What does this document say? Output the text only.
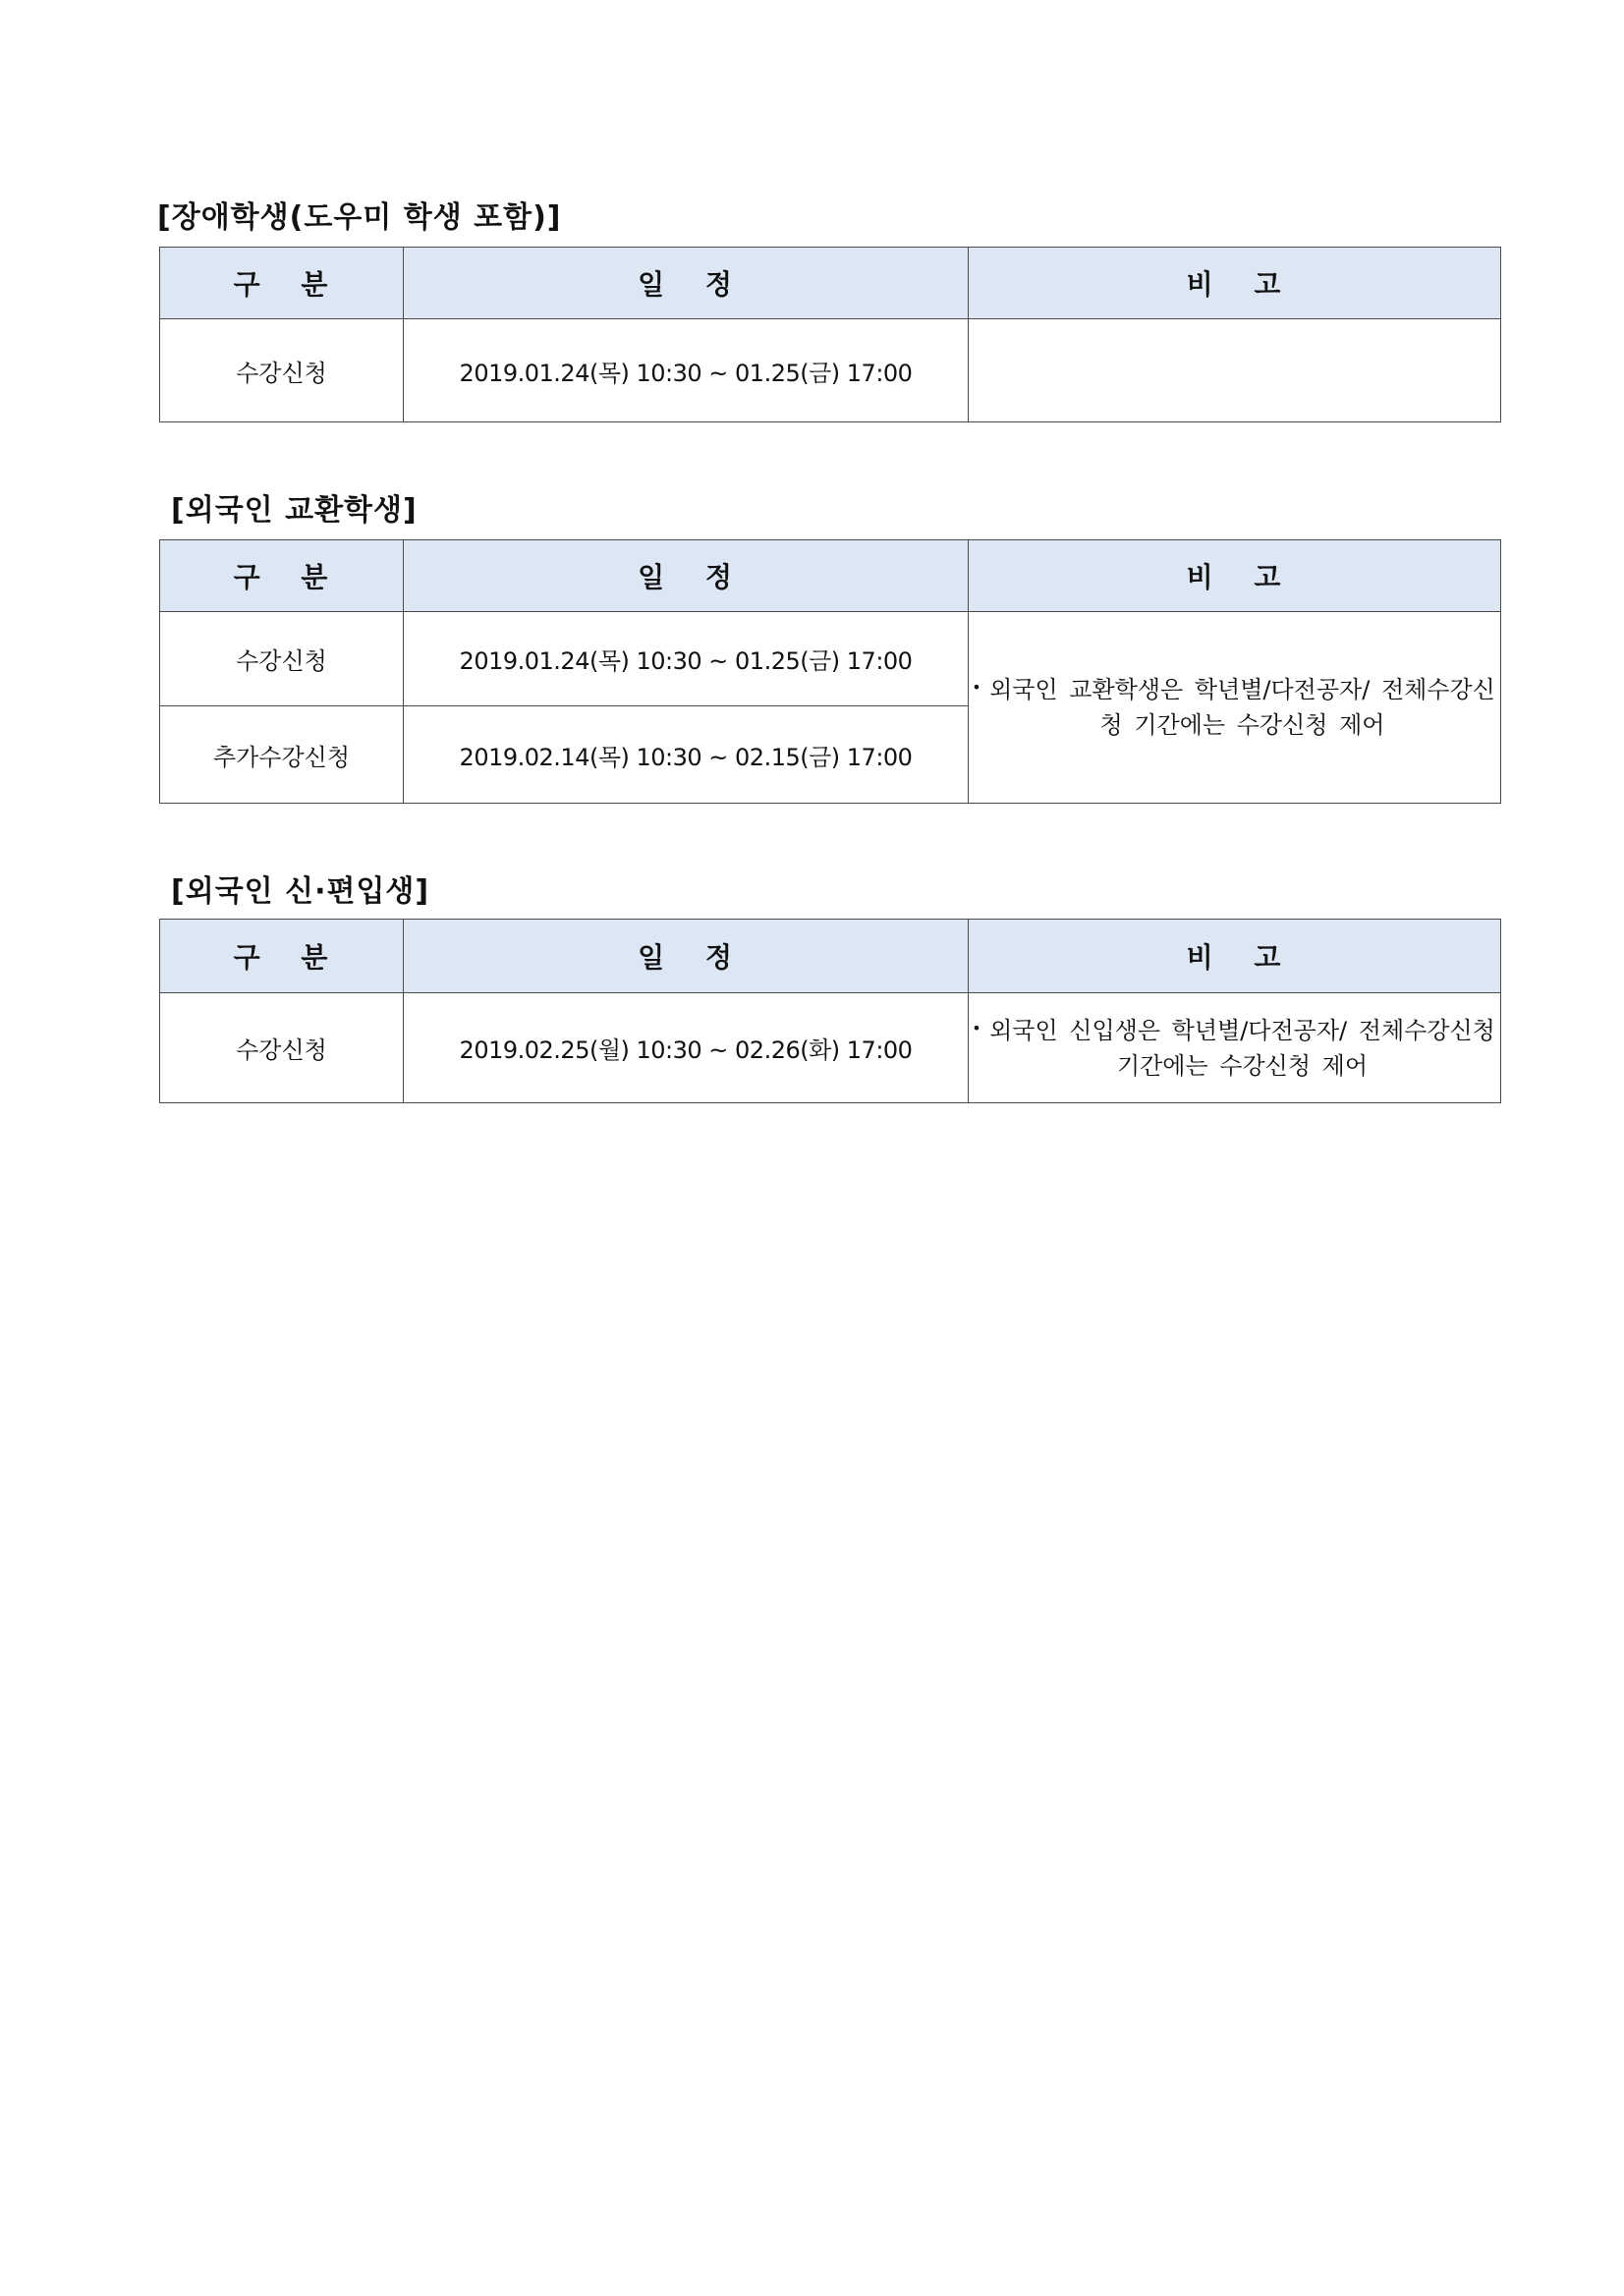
[장애학생(도우미 학생 포함)]
구 분	일 정	비 고
수강신청	2019.01.24(목) 10:30 ~ 01.25(금) 17:00	
[외국인 교환학생]
구 분	일 정	비 고
수강신청	2019.01.24(목) 10:30 ~ 01.25(금) 17:00	• 외국인 교환학생은 학년별/다전공자/ 전체수강신청 기간에는 수강신청 제어

추가수강신청	2019.02.14(목) 10:30 ~ 02.15(금) 17:00	
[외국인 신·편입생]
구 분	일 정	비 고
수강신청	2019.02.25(월) 10:30 ~ 02.26(화) 17:00	• 외국인 신입생은 학년별/다전공자/ 전체수강신청 기간에는 수강신청 제어
